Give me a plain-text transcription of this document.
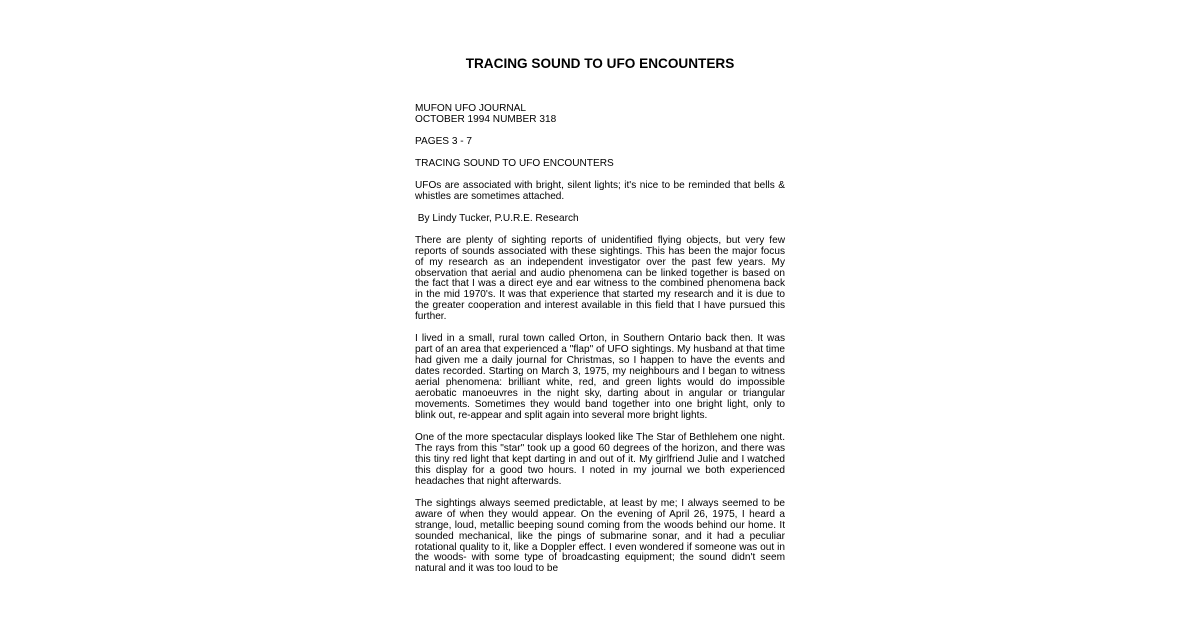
TRACING SOUND TO UFO ENCOUNTERS

MUFON UFO JOURNAL
OCTOBER 1994 NUMBER 318

PAGES 3 - 7

TRACING SOUND TO UFO ENCOUNTERS

UFOs are associated with bright, silent lights; it's nice to be reminded that bells & whistles are sometimes attached.

By Lindy Tucker, P.U.R.E. Research

There are plenty of sighting reports of unidentified flying objects, but very few reports of sounds associated with these sightings. This has been the major focus of my research as an independent investigator over the past few years. My observation that aerial and audio phenomena can be linked together is based on the fact that I was a direct eye and ear witness to the combined phenomena back in the mid 1970's. It was that experience that started my research and it is due to the greater cooperation and interest available in this field that I have pursued this further.

I lived in a small, rural town called Orton, in Southern Ontario back then. It was part of an area that experienced a "flap" of UFO sightings. My husband at that time had given me a daily journal for Christmas, so I happen to have the events and dates recorded. Starting on March 3, 1975, my neighbours and I began to witness aerial phenomena: brilliant white, red, and green lights would do impossible aerobatic manoeuvres in the night sky, darting about in angular or triangular movements. Sometimes they would band together into one bright light, only to blink out, re-appear and split again into several more bright lights.

One of the more spectacular displays looked like The Star of Bethlehem one night. The rays from this "star" took up a good 60 degrees of the horizon, and there was this tiny red light that kept darting in and out of it. My girlfriend Julie and I watched this display for a good two hours. I noted in my journal we both experienced headaches that night afterwards.

The sightings always seemed predictable, at least by me; I always seemed to be aware of when they would appear. On the evening of April 26, 1975, I heard a strange, loud, metallic beeping sound coming from the woods behind our home. It sounded mechanical, like the pings of submarine sonar, and it had a peculiar rotational quality to it, like a Doppler effect. I even wondered if someone was out in the woods- with some type of broadcasting equipment; the sound didn't seem natural and it was too loud to be
